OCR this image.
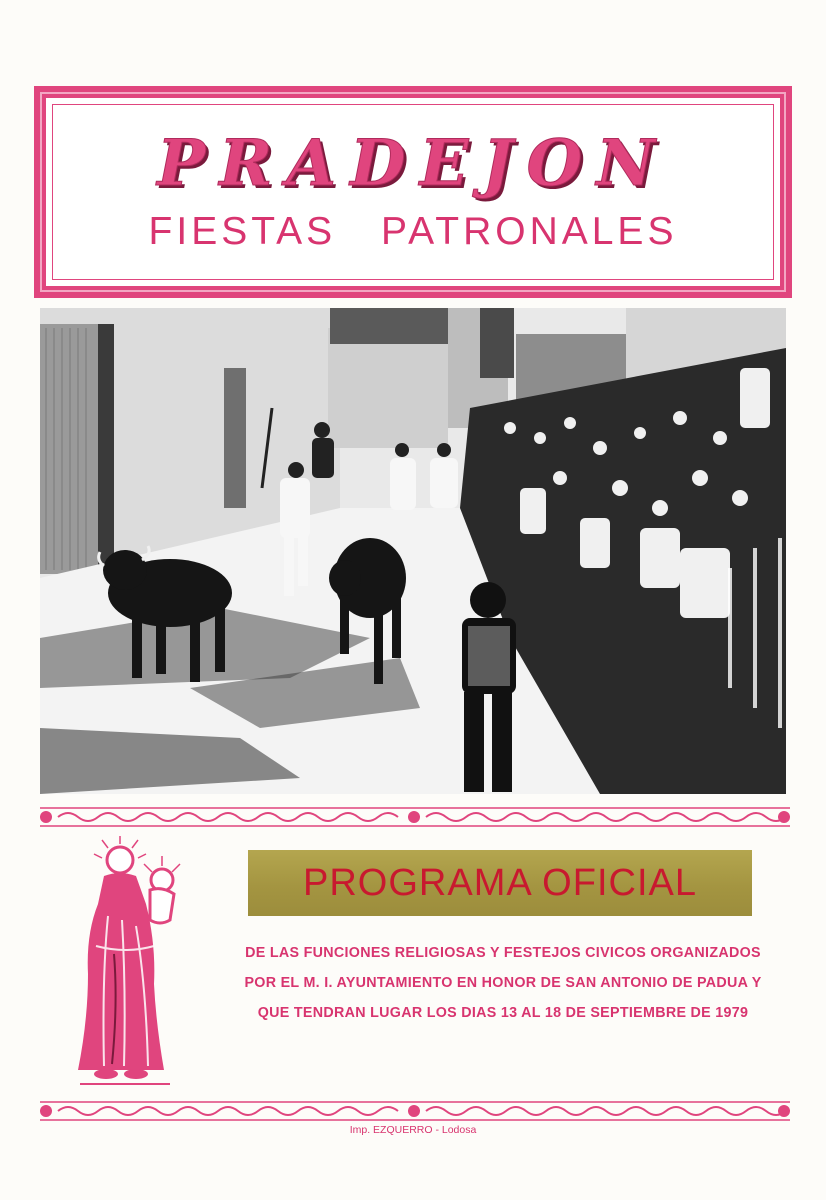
PRADEJON
FIESTAS PATRONALES
PROGRAMA OFICIAL
DE LAS FUNCIONES RELIGIOSAS Y FESTEJOS CIVICOS ORGANIZADOS POR EL M. I. AYUNTAMIENTO EN HONOR DE SAN ANTONIO DE PADUA Y QUE TENDRAN LUGAR LOS DIAS 13 AL 18 DE SEPTIEMBRE DE 1979
Imp. EZQUERRO - Lodosa
